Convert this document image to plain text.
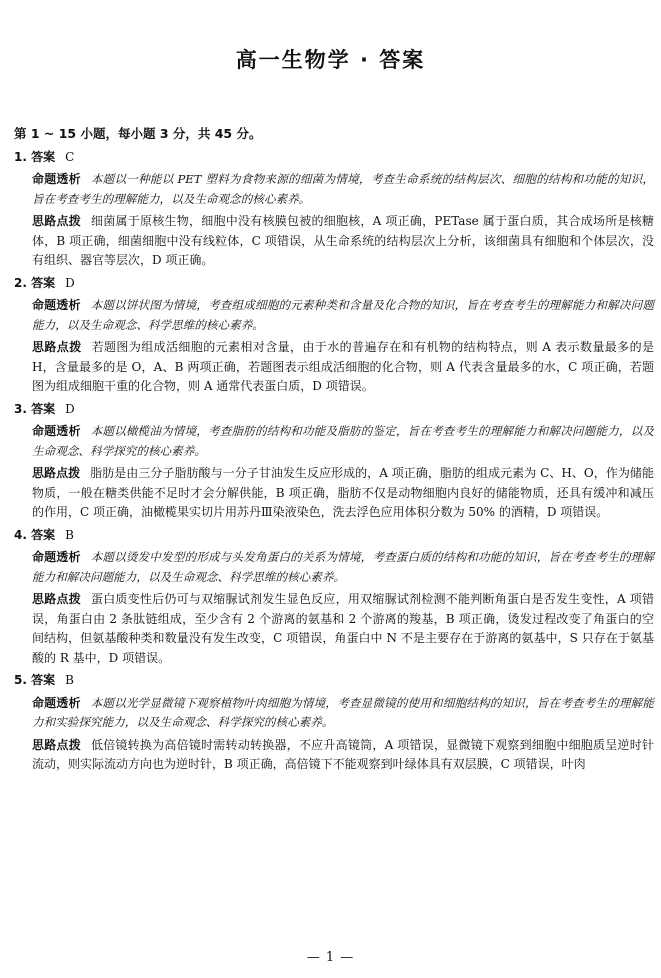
高一生物学 · 答案

第 1 ~ 15 小题，每小题 3 分，共 45 分。

1. 答案 C

命题透析 本题以一种能以 PET 塑料为食物来源的细菌为情境，考查生命系统的结构层次、细胞的结构和功能的知识，旨在考查考生的理解能力，以及生命观念的核心素养。

思路点拨 细菌属于原核生物，细胞中没有核膜包被的细胞核，A 项正确，PETase 属于蛋白质，其合成场所是核糖体，B 项正确，细菌细胞中没有线粒体，C 项错误，从生命系统的结构层次上分析，该细菌具有细胞和个体层次，没有组织、器官等层次，D 项正确。

2. 答案 D

命题透析 本题以饼状图为情境，考查组成细胞的元素种类和含量及化合物的知识，旨在考查考生的理解能力和解决问题能力，以及生命观念、科学思维的核心素养。

思路点拨 若题图为组成活细胞的元素相对含量，由于水的普遍存在和有机物的结构特点，则 A 表示数量最多的是 H，含量最多的是 O，A、B 两项正确，若题图表示组成活细胞的化合物，则 A 代表含量最多的水，C 项正确，若题图为组成细胞干重的化合物，则 A 通常代表蛋白质，D 项错误。

3. 答案 D

命题透析 本题以橄榄油为情境，考查脂肪的结构和功能及脂肪的鉴定，旨在考查考生的理解能力和解决问题能力，以及生命观念、科学探究的核心素养。

思路点拨 脂肪是由三分子脂肪酸与一分子甘油发生反应形成的，A 项正确，脂肪的组成元素为 C、H、O，作为储能物质，一般在糖类供能不足时才会分解供能，B 项正确，脂肪不仅是动物细胞内良好的储能物质，还具有缓冲和减压的作用，C 项正确，油橄榄果实切片用苏丹Ⅲ染液染色，洗去浮色应用体积分数为 50% 的酒精，D 项错误。

4. 答案 B

命题透析 本题以烫发中发型的形成与头发角蛋白的关系为情境，考查蛋白质的结构和功能的知识，旨在考查考生的理解能力和解决问题能力，以及生命观念、科学思维的核心素养。

思路点拨 蛋白质变性后仍可与双缩脲试剂发生显色反应，用双缩脲试剂检测不能判断角蛋白是否发生变性，A 项错误，角蛋白由 2 条肽链组成，至少含有 2 个游离的氨基和 2 个游离的羧基，B 项正确，烫发过程改变了角蛋白的空间结构，但氨基酸种类和数量没有发生改变，C 项错误，角蛋白中 N 不是主要存在于游离的氨基中，S 只存在于氨基酸的 R 基中，D 项错误。

5. 答案 B

命题透析 本题以光学显微镜下观察植物叶肉细胞为情境，考查显微镜的使用和细胞结构的知识，旨在考查考生的理解能力和实验探究能力，以及生命观念、科学探究的核心素养。

思路点拨 低倍镜转换为高倍镜时需转动转换器，不应升高镜筒，A 项错误，显微镜下观察到细胞中细胞质呈逆时针流动，则实际流动方向也为逆时针，B 项正确，高倍镜下不能观察到叶绿体具有双层膜，C 项错误，叶肉

— 1 —
